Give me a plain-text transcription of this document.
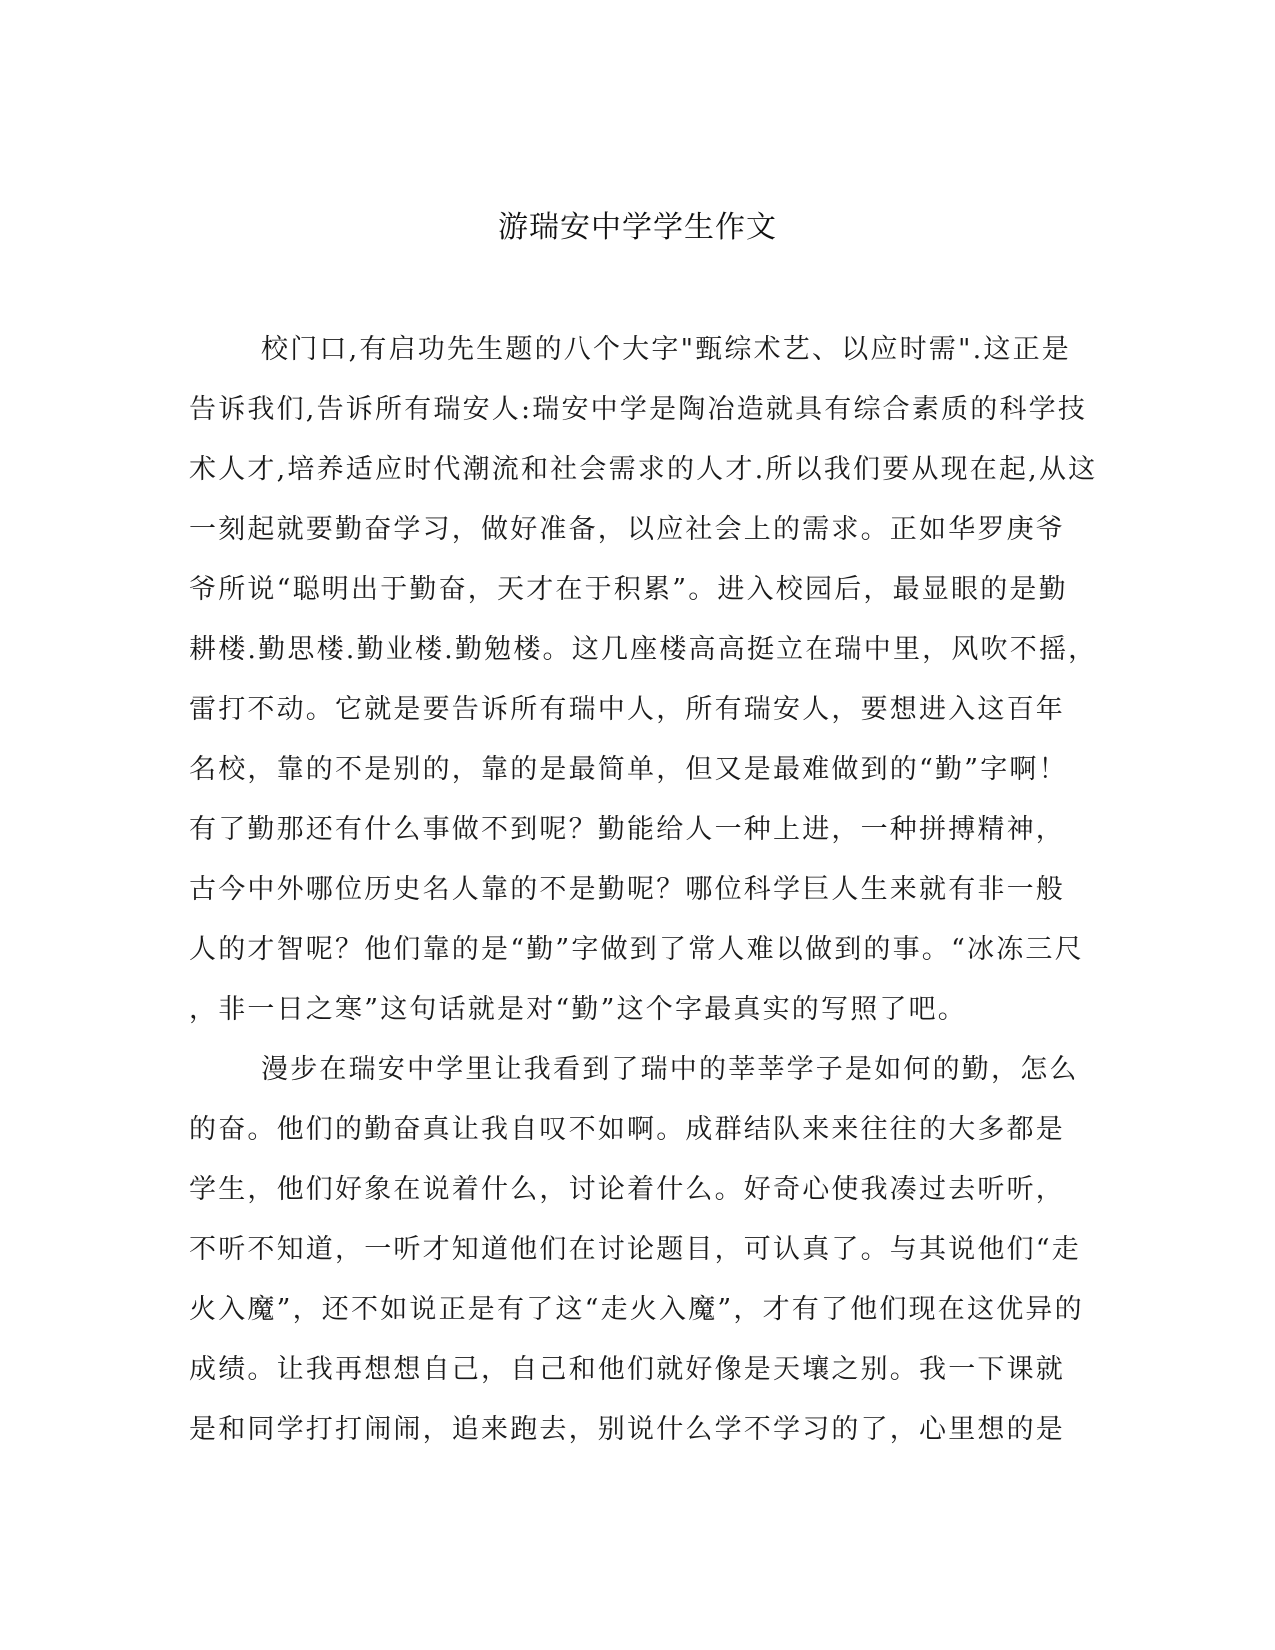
游瑞安中学学生作文
校门口,有启功先生题的八个大字"甄综术艺、以应时需".这正是
告诉我们,告诉所有瑞安人:瑞安中学是陶冶造就具有综合素质的科学技
术人才,培养适应时代潮流和社会需求的人才.所以我们要从现在起,从这
一刻起就要勤奋学习，做好准备，以应社会上的需求。正如华罗庚爷
爷所说“聪明出于勤奋，天才在于积累”。进入校园后，最显眼的是勤
耕楼.勤思楼.勤业楼.勤勉楼。这几座楼高高挺立在瑞中里，风吹不摇，
雷打不动。它就是要告诉所有瑞中人，所有瑞安人，要想进入这百年
名校，靠的不是别的，靠的是最简单，但又是最难做到的“勤”字啊！
有了勤那还有什么事做不到呢？勤能给人一种上进，一种拼搏精神，
古今中外哪位历史名人靠的不是勤呢？哪位科学巨人生来就有非一般
人的才智呢？他们靠的是“勤”字做到了常人难以做到的事。“冰冻三尺
，非一日之寒”这句话就是对“勤”这个字最真实的写照了吧。
漫步在瑞安中学里让我看到了瑞中的莘莘学子是如何的勤，怎么
的奋。他们的勤奋真让我自叹不如啊。成群结队来来往往的大多都是
学生，他们好象在说着什么，讨论着什么。好奇心使我凑过去听听，
不听不知道，一听才知道他们在讨论题目，可认真了。与其说他们“走
火入魔”，还不如说正是有了这“走火入魔”，才有了他们现在这优异的
成绩。让我再想想自己，自己和他们就好像是天壤之别。我一下课就
是和同学打打闹闹，追来跑去，别说什么学不学习的了，心里想的是
